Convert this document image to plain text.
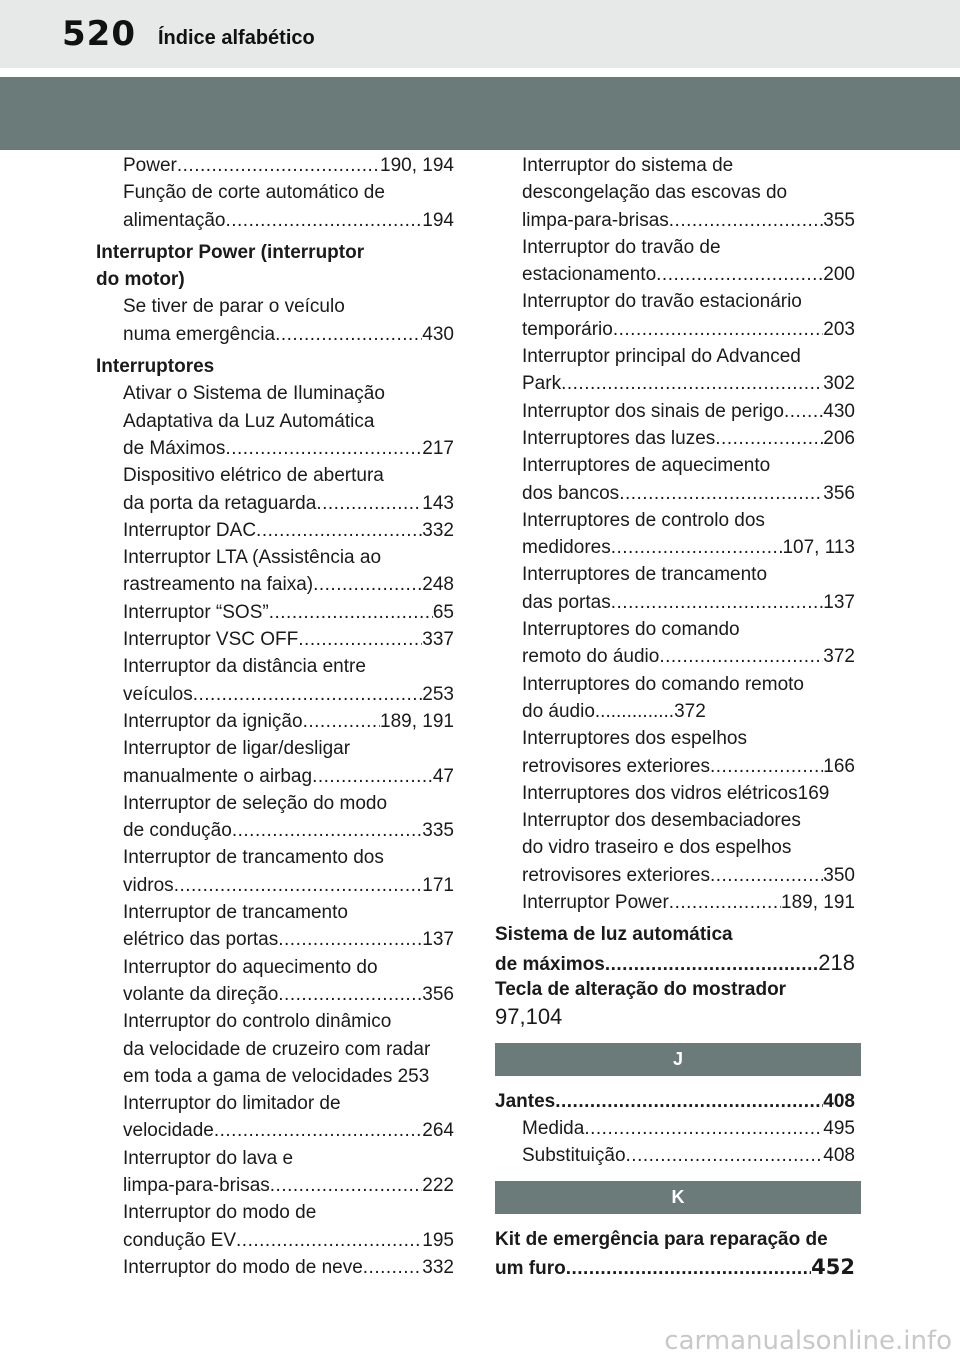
520 Índice alfabético
Power .....	190, 194
Função de corte automático de
alimentação .....	194
Interruptor Power (interruptor
do motor)
Se tiver de parar o veículo
numa emergência .....	430
Interruptores
Ativar o Sistema de Iluminação
Adaptativa da Luz Automática
de Máximos .....	217
Dispositivo elétrico de abertura
da porta da retaguarda .....	143
Interruptor DAC .....	332
Interruptor LTA (Assistência ao
rastreamento na faixa) .....	248
Interruptor “SOS” .....	65
Interruptor VSC OFF .....	337
Interruptor da distância entre
veículos .....	253
Interruptor da ignição .....	189, 191
Interruptor de ligar/desligar
manualmente o airbag .....	47
Interruptor de seleção do modo
de condução .....	335
Interruptor de trancamento dos
vidros .....	171
Interruptor de trancamento
elétrico das portas .....	137
Interruptor do aquecimento do
volante da direção .....	356
Interruptor do controlo dinâmico
da velocidade de cruzeiro com radar
em toda a gama de velocidades 253
Interruptor do limitador de
velocidade .....	264
Interruptor do lava e
limpa-para-brisas .....	222
Interruptor do modo de
condução EV .....	195
Interruptor do modo de neve .....	332
Interruptor do sistema de
descongelação das escovas do
limpa-para-brisas .....	355
Interruptor do travão de
estacionamento .....	200
Interruptor do travão estacionário
temporário .....	203
Interruptor principal do Advanced
Park .....	302
Interruptor dos sinais de perigo ..... 430
Interruptores das luzes .....	206
Interruptores de aquecimento
dos bancos .....	356
Interruptores de controlo dos
medidores .....	107, 113
Interruptores de trancamento
das portas .....	137
Interruptores do comando
remoto do áudio .....	372
Interruptores do comando remoto
do áudio...............372
Interruptores dos espelhos
retrovisores exteriores .....	166
Interruptores dos vidros elétricos169
Interruptor dos desembaciadores
do vidro traseiro e dos espelhos
retrovisores exteriores .....	350
Interruptor Power .....	189, 191
Sistema de luz automática
de máximos .....	218
Tecla de alteração do mostrador
97,104
J
Jantes .....	408
Medida .....	495
Substituição .....	408
K
Kit de emergência para reparação de
um furo .....	452
carmanualsonline.info
